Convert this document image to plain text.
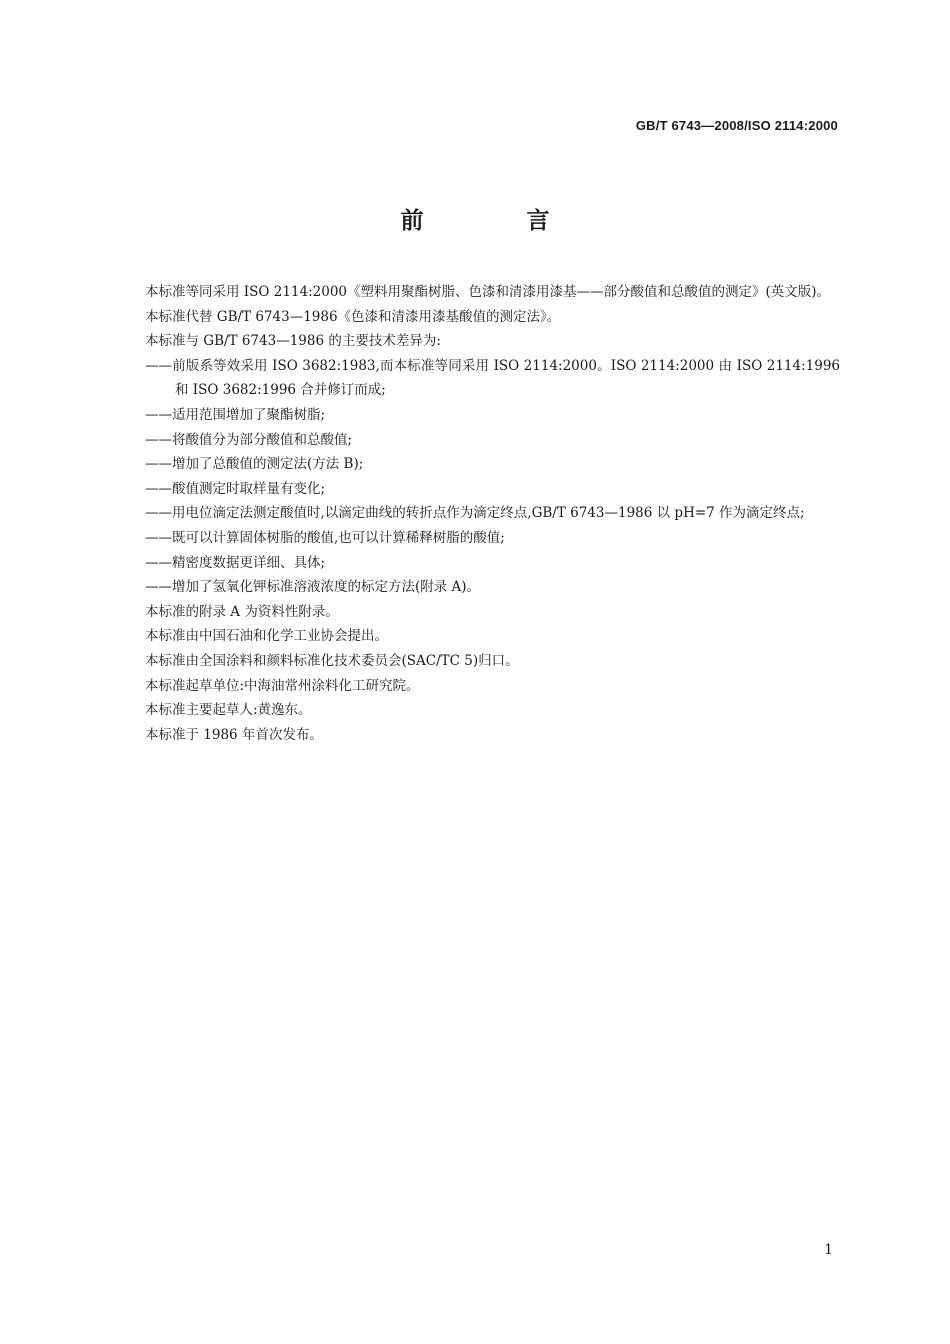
GB/T 6743—2008/ISO 2114:2000
前　言

本标准等同采用 ISO 2114:2000《塑料用聚酯树脂、色漆和清漆用漆基——部分酸值和总酸值的测定》(英文版)。

本标准代替 GB/T 6743—1986《色漆和清漆用漆基酸值的测定法》。

本标准与 GB/T 6743—1986 的主要技术差异为:

——前版系等效采用 ISO 3682:1983,而本标准等同采用 ISO 2114:2000。ISO 2114:2000 由 ISO 2114:1996和 ISO 3682:1996 合并修订而成;

——适用范围增加了聚酯树脂;

——将酸值分为部分酸值和总酸值;

——增加了总酸值的测定法(方法 B);

——酸值测定时取样量有变化;

——用电位滴定法测定酸值时,以滴定曲线的转折点作为滴定终点,GB/T 6743—1986 以 pH=7 作为滴定终点;

——既可以计算固体树脂的酸值,也可以计算稀释树脂的酸值;

——精密度数据更详细、具体;

——增加了氢氧化钾标准溶液浓度的标定方法(附录 A)。

本标准的附录 A 为资料性附录。

本标准由中国石油和化学工业协会提出。

本标准由全国涂料和颜料标准化技术委员会(SAC/TC 5)归口。

本标准起草单位:中海油常州涂料化工研究院。

本标准主要起草人:黄逸东。

本标准于 1986 年首次发布。

1
